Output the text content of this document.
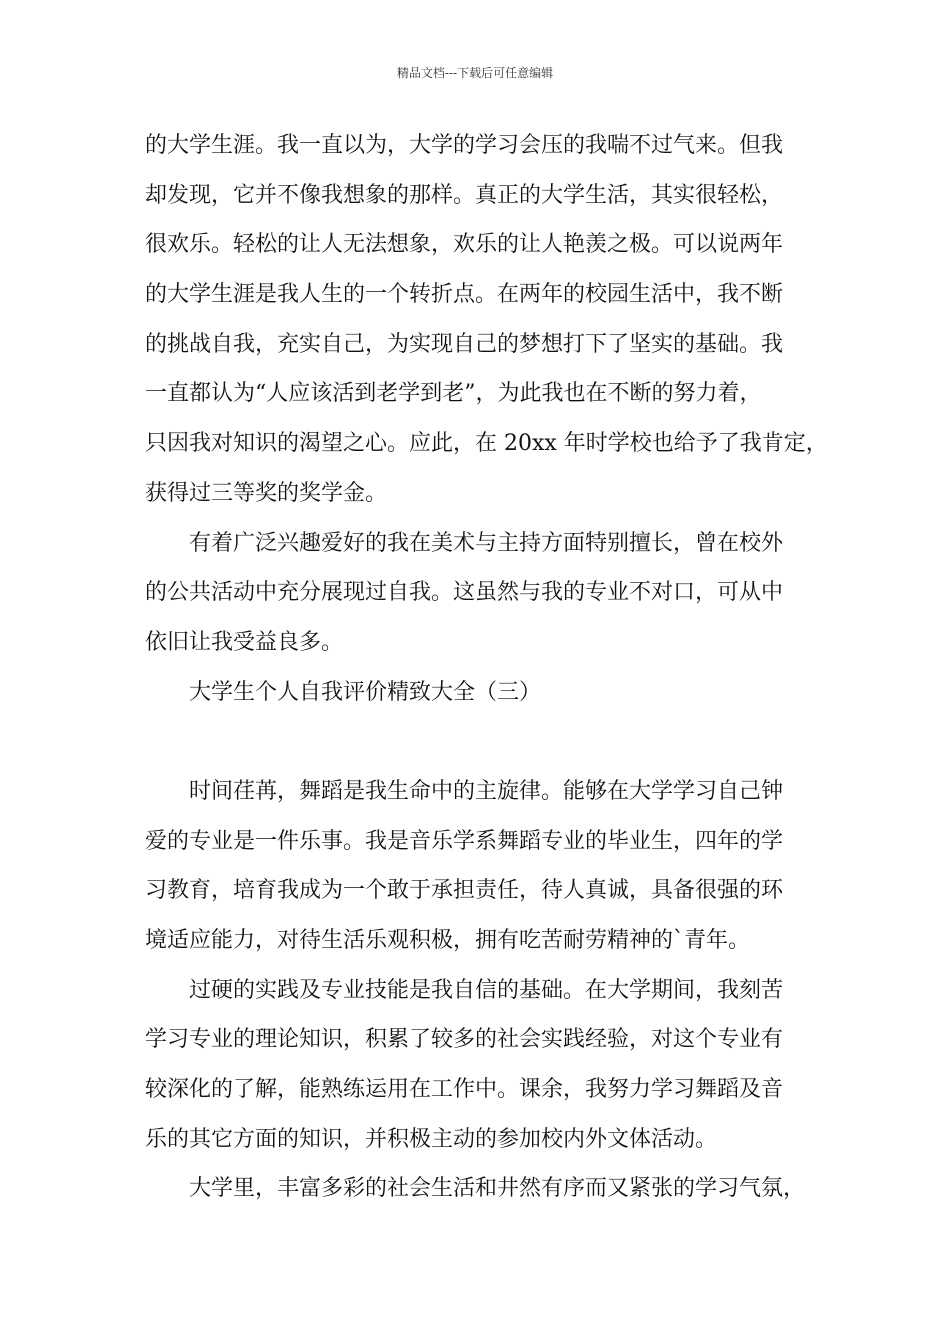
精品文档---下载后可任意编辑
的大学生涯。我一直以为，大学的学习会压的我喘不过气来。但我
却发现，它并不像我想象的那样。真正的大学生活，其实很轻松，
很欢乐。轻松的让人无法想象，欢乐的让人艳羡之极。可以说两年
的大学生涯是我人生的一个转折点。在两年的校园生活中，我不断
的挑战自我，充实自己，为实现自己的梦想打下了坚实的基础。我
一直都认为“人应该活到老学到老”，为此我也在不断的努力着，
只因我对知识的渴望之心。应此，在 20xx 年时学校也给予了我肯定，
获得过三等奖的奖学金。
有着广泛兴趣爱好的我在美术与主持方面特别擅长，曾在校外
的公共活动中充分展现过自我。这虽然与我的专业不对口，可从中
依旧让我受益良多。
大学生个人自我评价精致大全（三）
时间荏苒，舞蹈是我生命中的主旋律。能够在大学学习自己钟
爱的专业是一件乐事。我是音乐学系舞蹈专业的毕业生，四年的学
习教育，培育我成为一个敢于承担责任，待人真诚，具备很强的环
境适应能力，对待生活乐观积极，拥有吃苦耐劳精神的`青年。
过硬的实践及专业技能是我自信的基础。在大学期间，我刻苦
学习专业的理论知识，积累了较多的社会实践经验，对这个专业有
较深化的了解，能熟练运用在工作中。课余，我努力学习舞蹈及音
乐的其它方面的知识，并积极主动的参加校内外文体活动。
大学里，丰富多彩的社会生活和井然有序而又紧张的学习气氛，
